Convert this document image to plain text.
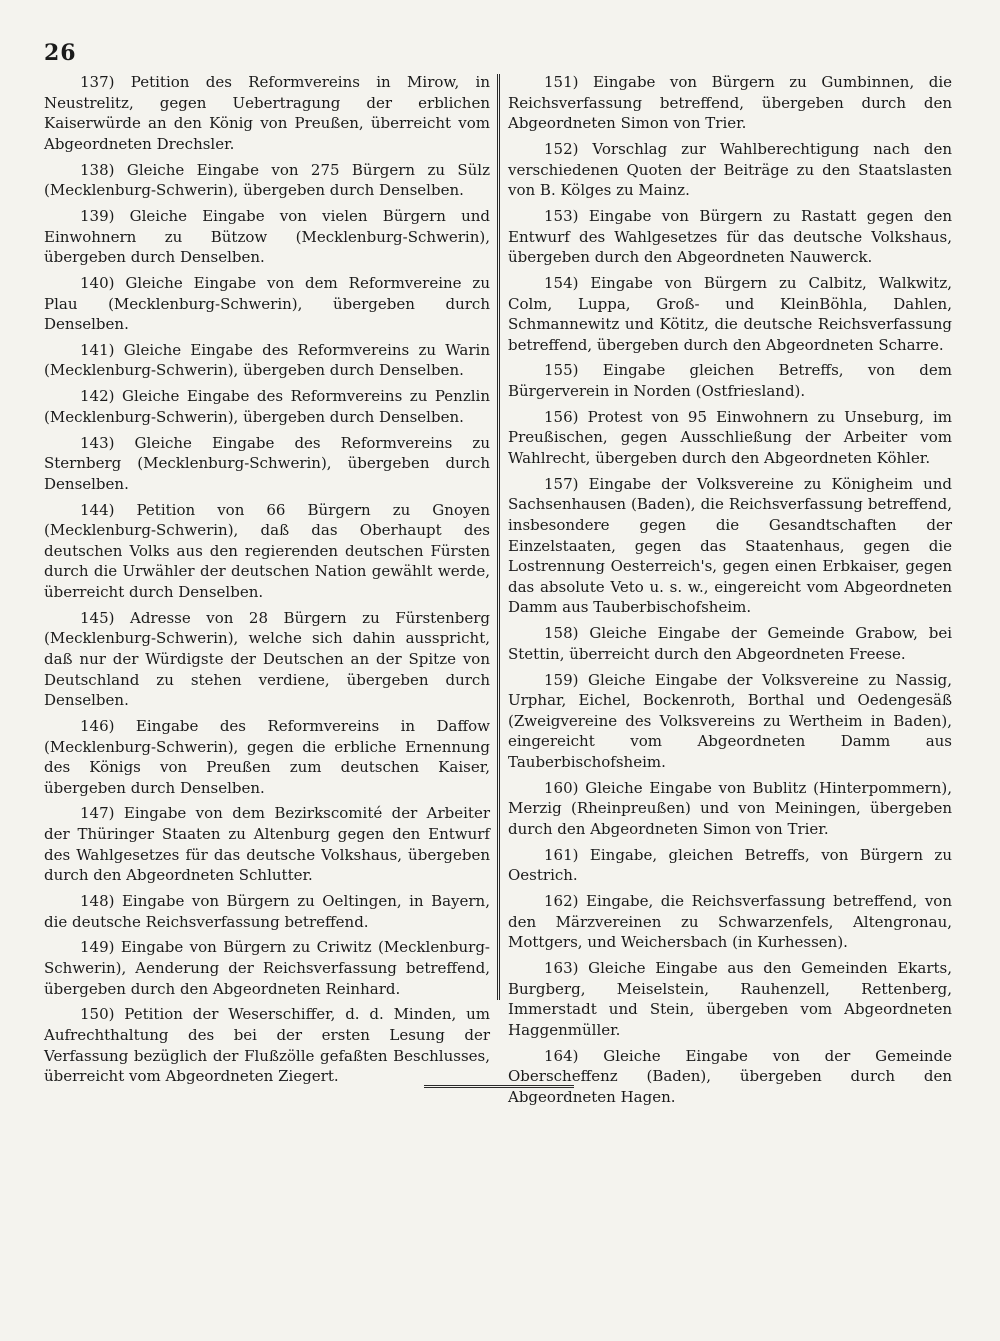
26

137) Petition des Reformvereins in Mirow, in Neustrelitz, gegen Uebertragung der erblichen Kaiserwürde an den König von Preußen, überreicht vom Abgeordneten Drechsler.

138) Gleiche Eingabe von 275 Bürgern zu Sülz (Mecklenburg-Schwerin), übergeben durch Denselben.

139) Gleiche Eingabe von vielen Bürgern und Einwohnern zu Bützow (Mecklenburg-Schwerin), übergeben durch Denselben.

140) Gleiche Eingabe von dem Reformvereine zu Plau (Mecklenburg-Schwerin), übergeben durch Denselben.

141) Gleiche Eingabe des Reformvereins zu Warin (Mecklenburg-Schwerin), übergeben durch Denselben.

142) Gleiche Eingabe des Reformvereins zu Penzlin (Mecklenburg-Schwerin), übergeben durch Denselben.

143) Gleiche Eingabe des Reformvereins zu Sternberg (Mecklenburg-Schwerin), übergeben durch Denselben.

144) Petition von 66 Bürgern zu Gnoyen (Mecklenburg-Schwerin), daß das Oberhaupt des deutschen Volks aus den regierenden deutschen Fürsten durch die Urwähler der deutschen Nation gewählt werde, überreicht durch Denselben.

145) Adresse von 28 Bürgern zu Fürstenberg (Mecklenburg-Schwerin), welche sich dahin ausspricht, daß nur der Würdigste der Deutschen an der Spitze von Deutschland zu stehen verdiene, übergeben durch Denselben.

146) Eingabe des Reformvereins in Daffow (Mecklenburg-Schwerin), gegen die erbliche Ernennung des Königs von Preußen zum deutschen Kaiser, übergeben durch Denselben.

147) Eingabe von dem Bezirkscomité der Arbeiter der Thüringer Staaten zu Altenburg gegen den Entwurf des Wahlgesetzes für das deutsche Volkshaus, übergeben durch den Abgeordneten Schlutter.

148) Eingabe von Bürgern zu Oeltingen, in Bayern, die deutsche Reichsverfassung betreffend.

149) Eingabe von Bürgern zu Criwitz (Mecklenburg-Schwerin), Aenderung der Reichsverfassung betreffend, übergeben durch den Abgeordneten Reinhard.

150) Petition der Weserschiffer, d. d. Minden, um Aufrechthaltung des bei der ersten Lesung der Verfassung bezüglich der Flußzölle gefaßten Beschlusses, überreicht vom Abgeordneten Ziegert.

151) Eingabe von Bürgern zu Gumbinnen, die Reichsverfassung betreffend, übergeben durch den Abgeordneten Simon von Trier.

152) Vorschlag zur Wahlberechtigung nach den verschiedenen Quoten der Beiträge zu den Staatslasten von B. Kölges zu Mainz.

153) Eingabe von Bürgern zu Rastatt gegen den Entwurf des Wahlgesetzes für das deutsche Volkshaus, übergeben durch den Abgeordneten Nauwerck.

154) Eingabe von Bürgern zu Calbitz, Walkwitz, Colm, Luppa, Groß- und KleinBöhla, Dahlen, Schmannewitz und Kötitz, die deutsche Reichsverfassung betreffend, übergeben durch den Abgeordneten Scharre.

155) Eingabe gleichen Betreffs, von dem Bürgerverein in Norden (Ostfriesland).

156) Protest von 95 Einwohnern zu Unseburg, im Preußischen, gegen Ausschließung der Arbeiter vom Wahlrecht, übergeben durch den Abgeordneten Köhler.

157) Eingabe der Volksvereine zu Königheim und Sachsenhausen (Baden), die Reichsverfassung betreffend, insbesondere gegen die Gesandtschaften der Einzelstaaten, gegen das Staatenhaus, gegen die Lostrennung Oesterreich's, gegen einen Erbkaiser, gegen das absolute Veto u. s. w., eingereicht vom Abgeordneten Damm aus Tauberbischofsheim.

158) Gleiche Eingabe der Gemeinde Grabow, bei Stettin, überreicht durch den Abgeordneten Freese.

159) Gleiche Eingabe der Volksvereine zu Nassig, Urphar, Eichel, Bockenroth, Borthal und Oedengesäß (Zweigvereine des Volksvereins zu Wertheim in Baden), eingereicht vom Abgeordneten Damm aus Tauberbischofsheim.

160) Gleiche Eingabe von Bublitz (Hinterpommern), Merzig (Rheinpreußen) und von Meiningen, übergeben durch den Abgeordneten Simon von Trier.

161) Eingabe, gleichen Betreffs, von Bürgern zu Oestrich.

162) Eingabe, die Reichsverfassung betreffend, von den Märzvereinen zu Schwarzenfels, Altengronau, Mottgers, und Weichersbach (in Kurhessen).

163) Gleiche Eingabe aus den Gemeinden Ekarts, Burgberg, Meiselstein, Rauhenzell, Rettenberg, Immerstadt und Stein, übergeben vom Abgeordneten Haggenmüller.

164) Gleiche Eingabe von der Gemeinde Oberscheffenz (Baden), übergeben durch den Abgeordneten Hagen.
